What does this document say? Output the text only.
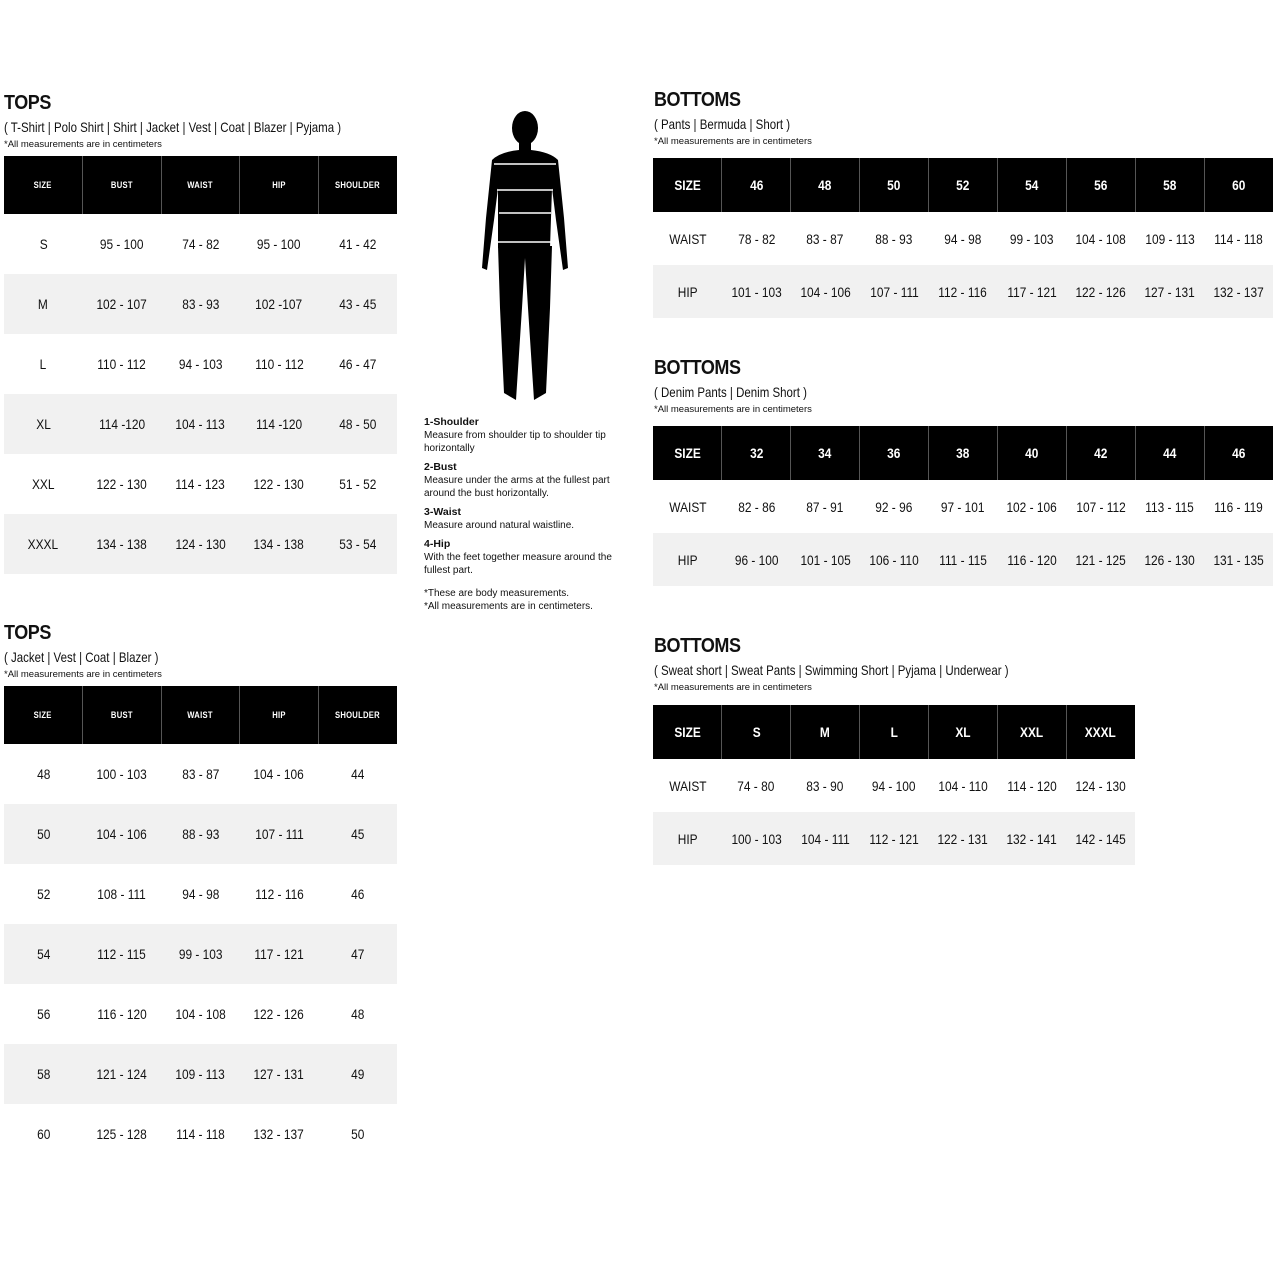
TOPS
( T-Shirt | Polo Shirt | Shirt | Jacket | Vest | Coat | Blazer | Pyjama )
*All measurements are in centimeters
SIZE	BUST	WAIST	HIP	SHOULDER
S	95 - 100	74 - 82	95 - 100	41 - 42
M	102 - 107	83 - 93	102 -107	43 - 45
L	110 - 112	94 - 103	110 - 112	46 - 47
XL	114 -120	104 - 113	114 -120	48 - 50
XXL	122 - 130	114 - 123	122 - 130	51 - 52
XXXL	134 - 138	124 - 130	134 - 138	53 - 54
TOPS
( Jacket | Vest | Coat | Blazer )
*All measurements are in centimeters
SIZE	BUST	WAIST	HIP	SHOULDER
48	100 - 103	83 - 87	104 - 106	44
50	104 - 106	88 - 93	107 - 111	45
52	108 - 111	94 - 98	112 - 116	46
54	112 - 115	99 - 103	117 - 121	47
56	116 - 120	104 - 108	122 - 126	48
58	121 - 124	109 - 113	127 - 131	49
60	125 - 128	114 - 118	132 - 137	50
1-Shoulder
Measure from shoulder tip to shoulder tip horizontally
2-Bust
Measure under the arms at the fullest part around the bust horizontally.
3-Waist
Measure around natural waistline.
4-Hip
With the feet together measure around the fullest part.
*These are body measurements.
*All measurements are in centimeters.
BOTTOMS
( Pants | Bermuda | Short )
*All measurements are in centimeters
SIZE	46	48	50	52	54	56	58	60
WAIST	78 - 82	83 - 87	88 - 93	94 - 98	99 - 103	104 - 108	109 - 113	114 - 118
HIP	101 - 103	104 - 106	107 - 111	112 - 116	117 - 121	122 - 126	127 - 131	132 - 137
BOTTOMS
( Denim Pants | Denim Short )
*All measurements are in centimeters
SIZE	32	34	36	38	40	42	44	46
WAIST	82 - 86	87 - 91	92 - 96	97 - 101	102 - 106	107 - 112	113 - 115	116 - 119
HIP	96 - 100	101 - 105	106 - 110	111 - 115	116 - 120	121 - 125	126 - 130	131 - 135
BOTTOMS
( Sweat short | Sweat Pants | Swimming Short | Pyjama | Underwear )
*All measurements are in centimeters
SIZE	S	M	L	XL	XXL	XXXL
WAIST	74 - 80	83 - 90	94 - 100	104 - 110	114 - 120	124 - 130
HIP	100 - 103	104 - 111	112 - 121	122 - 131	132 - 141	142 - 145
